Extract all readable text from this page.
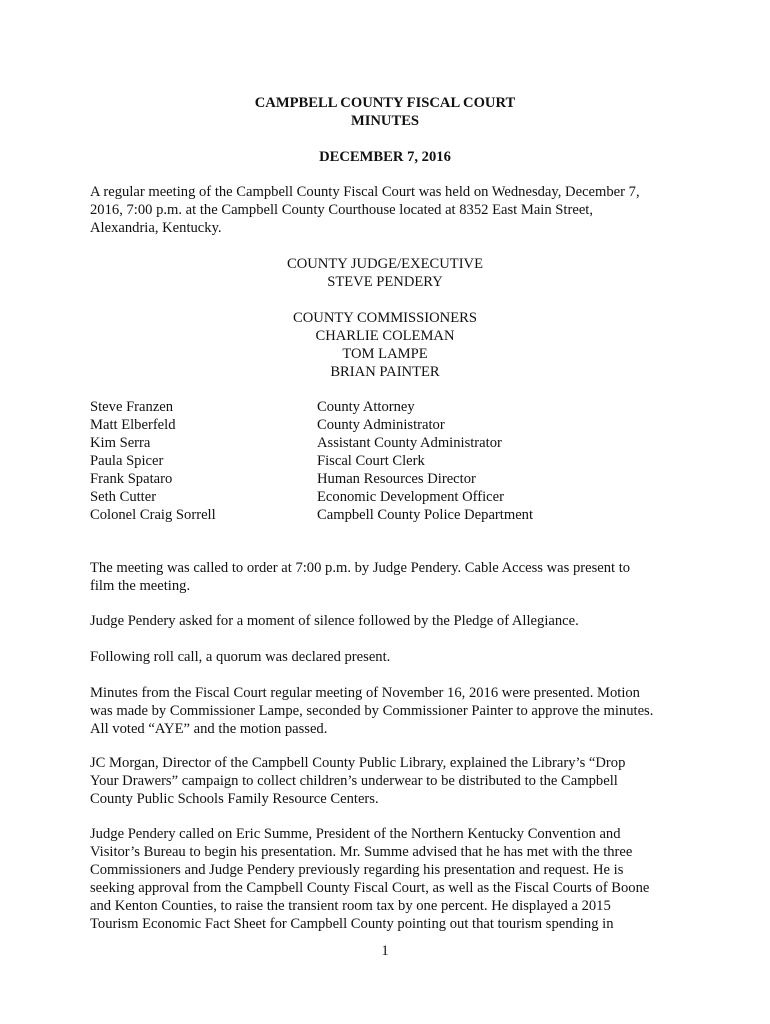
CAMPBELL COUNTY FISCAL COURT
MINUTES
DECEMBER 7, 2016
A regular meeting of the Campbell County Fiscal Court was held on Wednesday, December 7,
2016, 7:00 p.m. at the Campbell County Courthouse located at 8352 East Main Street,
Alexandria, Kentucky.
COUNTY JUDGE/EXECUTIVE
STEVE PENDERY
COUNTY COMMISSIONERS
CHARLIE COLEMAN
TOM LAMPE
BRIAN PAINTER
Steve Franzen	County Attorney
Matt Elberfeld	County Administrator
Kim Serra	Assistant County Administrator
Paula Spicer	Fiscal Court Clerk
Frank Spataro	Human Resources Director
Seth Cutter	Economic Development Officer
Colonel Craig Sorrell	Campbell County Police Department
The meeting was called to order at 7:00 p.m. by Judge Pendery. Cable Access was present to
film the meeting.
Judge Pendery asked for a moment of silence followed by the Pledge of Allegiance.
Following roll call, a quorum was declared present.
Minutes from the Fiscal Court regular meeting of November 16, 2016 were presented. Motion
was made by Commissioner Lampe, seconded by Commissioner Painter to approve the minutes.
All voted “AYE” and the motion passed.
JC Morgan, Director of the Campbell County Public Library, explained the Library’s “Drop
Your Drawers” campaign to collect children’s underwear to be distributed to the Campbell
County Public Schools Family Resource Centers.
Judge Pendery called on Eric Summe, President of the Northern Kentucky Convention and
Visitor’s Bureau to begin his presentation. Mr. Summe advised that he has met with the three
Commissioners and Judge Pendery previously regarding his presentation and request. He is
seeking approval from the Campbell County Fiscal Court, as well as the Fiscal Courts of Boone
and Kenton Counties, to raise the transient room tax by one percent. He displayed a 2015
Tourism Economic Fact Sheet for Campbell County pointing out that tourism spending in
1
